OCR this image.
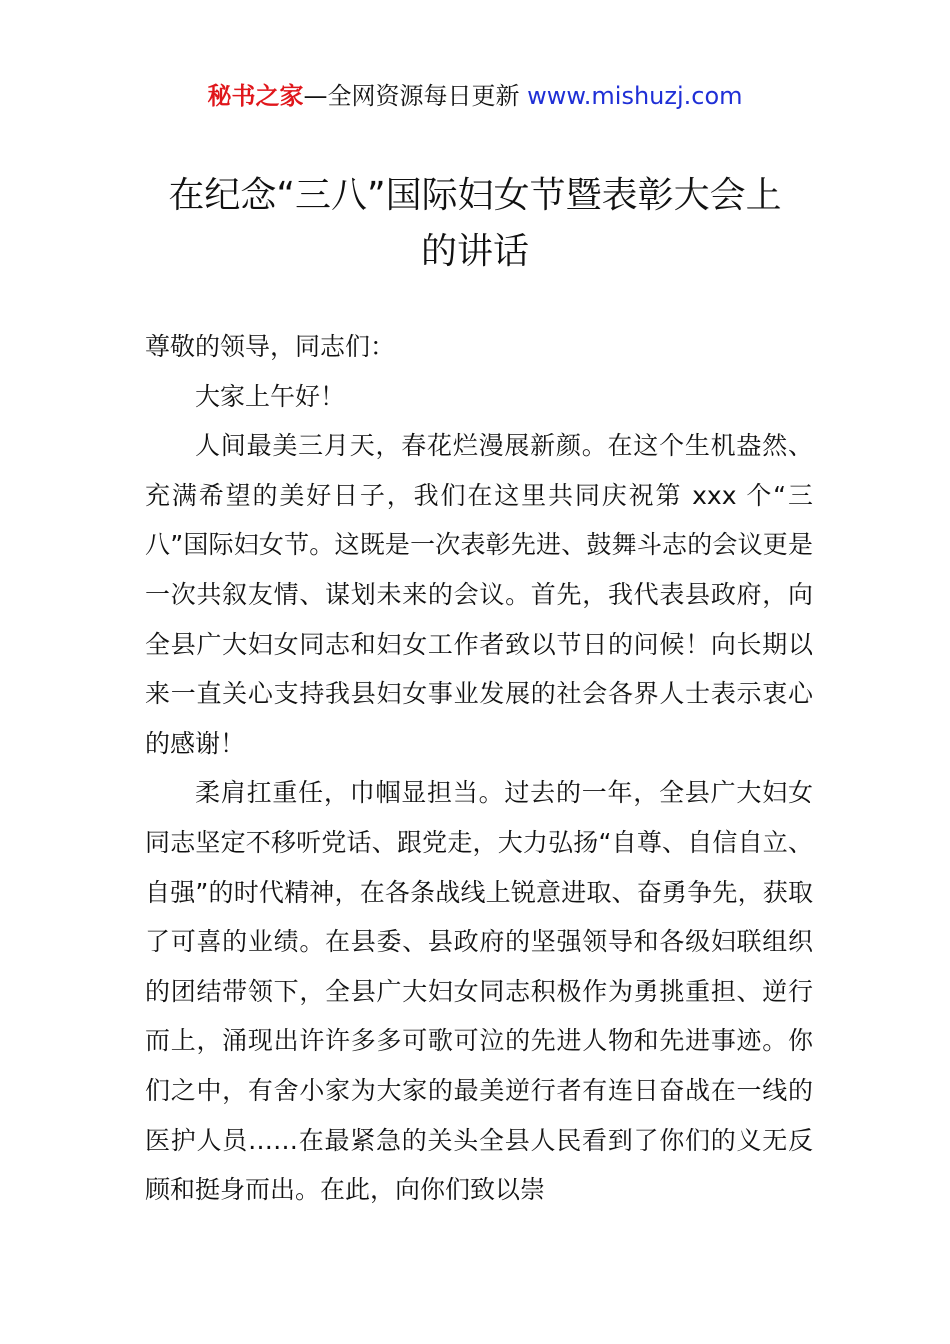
秘书之家—全网资源每日更新 www.mishuzj.com
在纪念“三八”国际妇女节暨表彰大会上
的讲话

尊敬的领导，同志们：

大家上午好！

人间最美三月天，春花烂漫展新颜。在这个生机盎然、充满希望的美好日子，我们在这里共同庆祝第 xxx 个“三八”国际妇女节。这既是一次表彰先进、鼓舞斗志的会议更是一次共叙友情、谋划未来的会议。首先，我代表县政府，向全县广大妇女同志和妇女工作者致以节日的问候！向长期以来一直关心支持我县妇女事业发展的社会各界人士表示衷心的感谢！

柔肩扛重任，巾帼显担当。过去的一年，全县广大妇女同志坚定不移听党话、跟党走，大力弘扬“自尊、自信自立、自强”的时代精神，在各条战线上锐意进取、奋勇争先，获取了可喜的业绩。在县委、县政府的坚强领导和各级妇联组织的团结带领下，全县广大妇女同志积极作为勇挑重担、逆行而上，涌现出许许多多可歌可泣的先进人物和先进事迹。你们之中，有舍小家为大家的最美逆行者有连日奋战在一线的医护人员……在最紧急的关头全县人民看到了你们的义无反顾和挺身而出。在此，向你们致以崇
